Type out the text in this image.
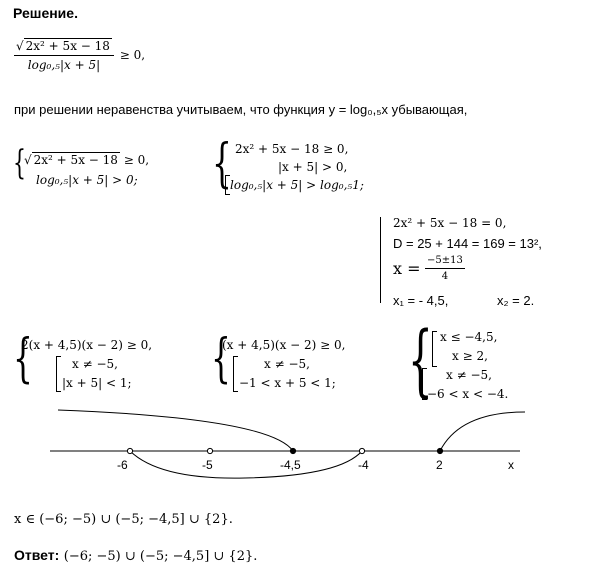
Решение.
$\frac{\text{√ 2x² + 5x − 18}}{\text{log₀,₅|x + 5|}} \ge 0$,
при решении неравенства учитываем, что функция y = log₀,₅x убывающая,
{
√ 2x² + 5x − 18 ≥ 0,
log₀,₅|x + 5| > 0; { 2x² + 5x − 18 ≥ 0,
|x + 5| > 0,
log₀,₅|x + 5| > log₀,₅1;
2x² + 5x − 18 = 0,
D = 25 + 144 = 169 = 13²,
$x = \frac{-5\pm 13}{4}$
x₁ = - 4,5,	x₂ = 2.
{
2(x + 4,5)(x − 2) ≥ 0,
x ≠ −5,
|x + 5| < 1; {
(x + 4,5)(x − 2) ≥ 0,
x ≠ −5,
−1 < x + 5 < 1; { x ≤ −4,5,
x ≥ 2,
x ≠ −5,
−6 < x < −4.
-6	-5	-4,5	-4	2	x
x ∈ (−6; −5) ∪ (−5; −4,5] ∪ {2}.
Ответ: (−6; −5) ∪ (−5; −4,5] ∪ {2}.
